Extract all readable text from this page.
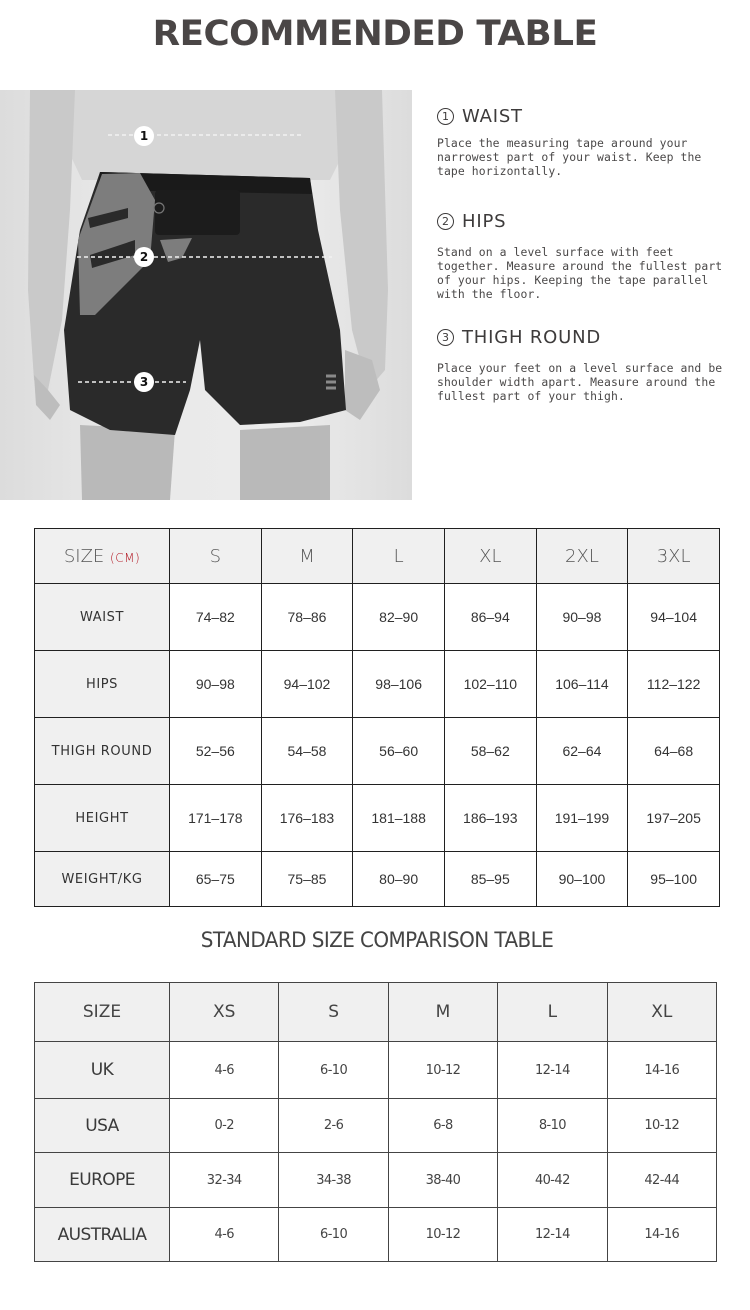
RECOMMENDED TABLE
1
2
3
1 WAIST
Place the measuring tape around your narrowest part of your waist. Keep the tape horizontally.
2 HIPS
Stand on a level surface with feet together. Measure around the fullest part of your hips. Keeping the tape parallel with the floor.
3 THIGH ROUND
Place your feet on a level surface and be shoulder width apart. Measure around the fullest part of your thigh.
SIZE (CM)	S	M	L	XL	2XL	3XL
WAIST	74–82	78–86	82–90	86–94	90–98	94–104
HIPS	90–98	94–102	98–106	102–110	106–114	112–122
THIGH ROUND	52–56	54–58	56–60	58–62	62–64	64–68
HEIGHT	171–178	176–183	181–188	186–193	191–199	197–205
WEIGHT/KG	65–75	75–85	80–90	85–95	90–100	95–100
STANDARD SIZE COMPARISON TABLE
SIZE	XS	S	M	L	XL
UK	4-6	6-10	10-12	12-14	14-16
USA	0-2	2-6	6-8	8-10	10-12
EUROPE	32-34	34-38	38-40	40-42	42-44
AUSTRALIA	4-6	6-10	10-12	12-14	14-16
